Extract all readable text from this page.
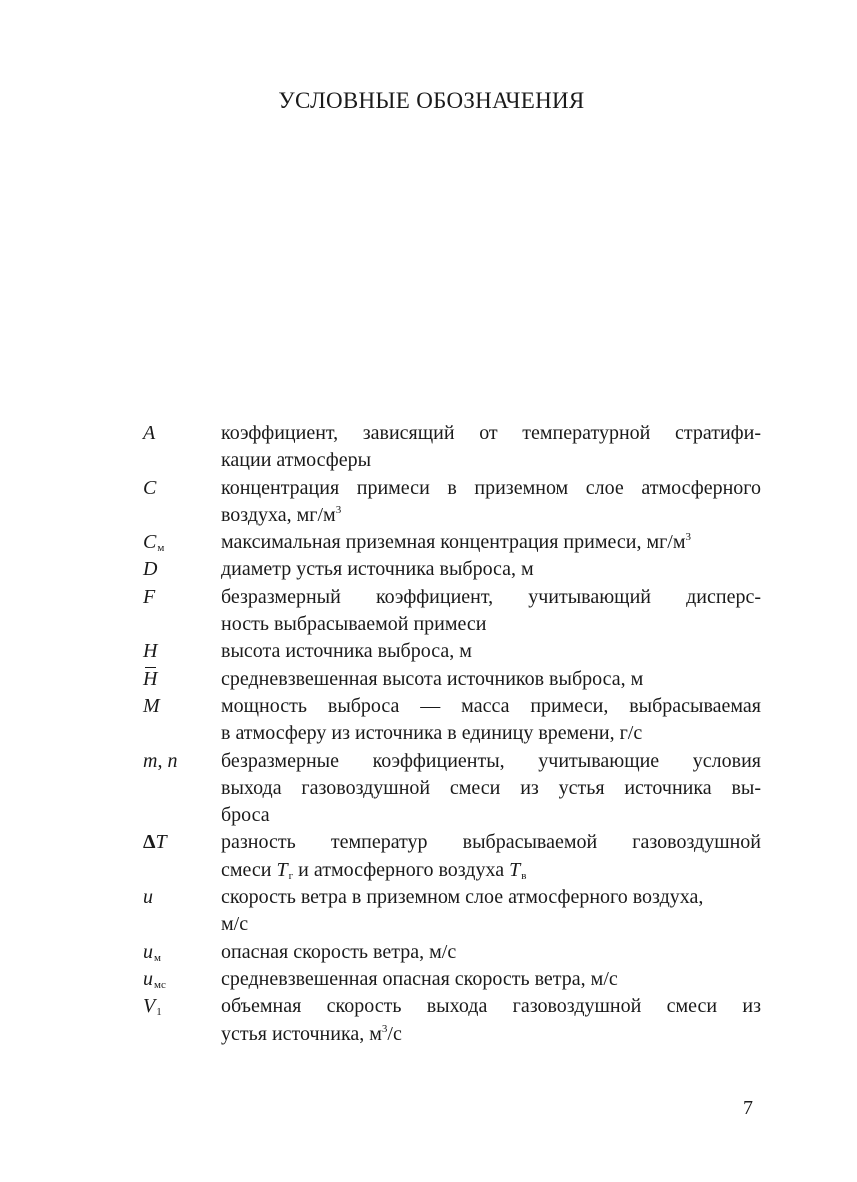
УСЛОВНЫЕ ОБОЗНАЧЕНИЯ
A	коэффициент, зависящий от температурной стратифи-
кации атмосферы
C	концентрация примеси в приземном слое атмосферного
воздуха, $мг/м^3$
$C_м$	максимальная приземная концентрация примеси, $мг/м^3$
D	диаметр устья источника выброса, м
F	безразмерный коэффициент, учитывающий дисперс-
ность выбрасываемой примеси
H	высота источника выброса, м
H	средневзвешенная высота источников выброса, м
M	мощность выброса — масса примеси, выбрасываемая
в атмосферу из источника в единицу времени, г/с
m, n	безразмерные коэффициенты, учитывающие условия
выхода газовоздушной смеси из устья источника вы-
броса
ΔT	разность температур выбрасываемой газовоздушной
смеси $T_г$ и атмосферного воздуха $T_в$
u	скорость ветра в приземном слое атмосферного воздуха,
м/с
$u_м$	опасная скорость ветра, м/с
$u_{мс}$	средневзвешенная опасная скорость ветра, м/с
$V_1$	объемная скорость выхода газовоздушной смеси из
устья источника, $м^3/с$
7
